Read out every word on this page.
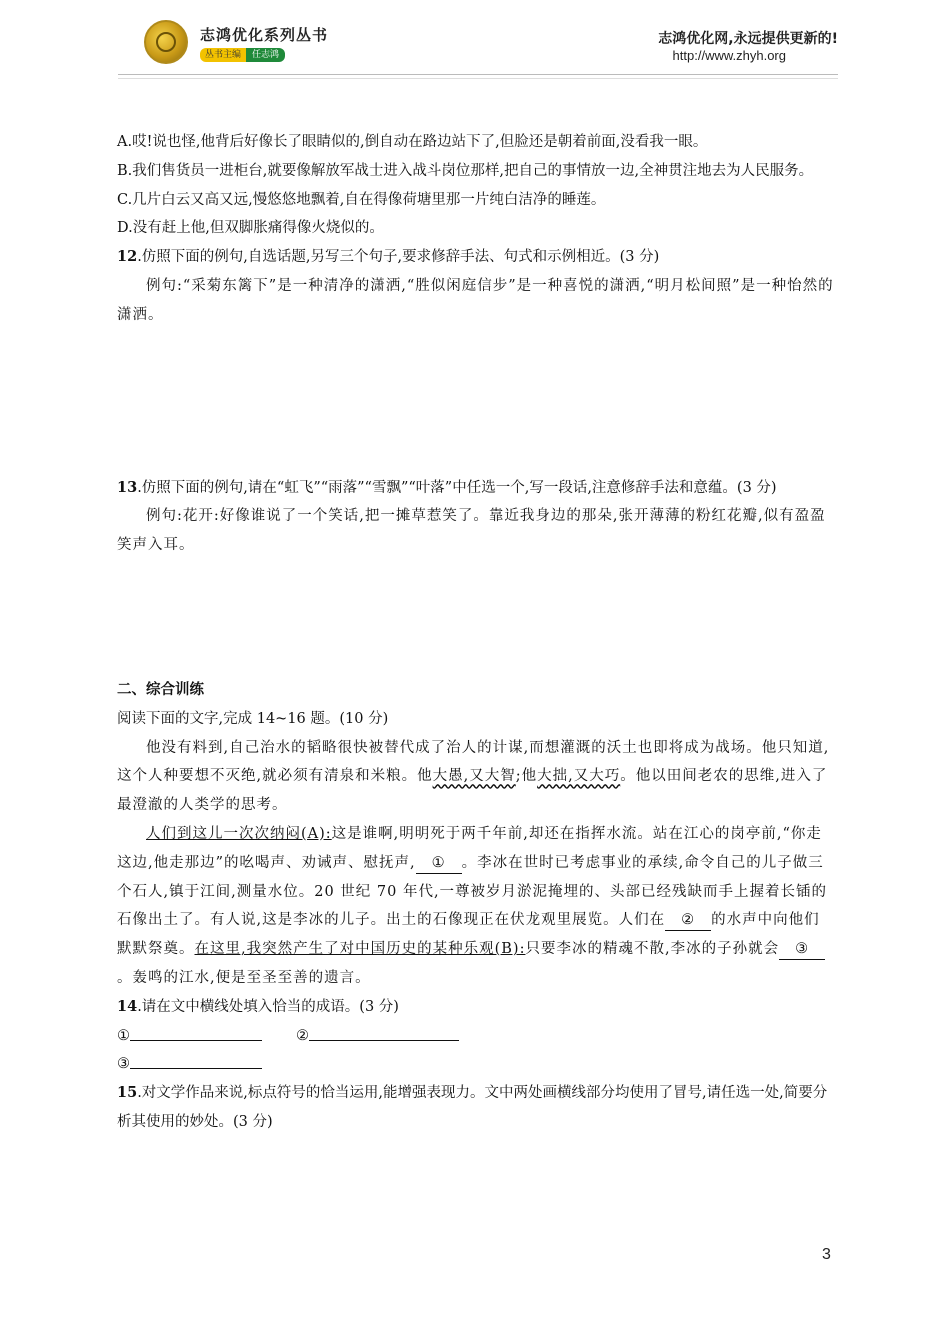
志鸿优化系列丛书
丛书主编	任志鸿
志鸿优化网,永远提供更新的!
http://www.zhyh.org

A.哎!说也怪,他背后好像长了眼睛似的,倒自动在路边站下了,但脸还是朝着前面,没看我一眼。

B.我们售货员一进柜台,就要像解放军战士进入战斗岗位那样,把自己的事情放一边,全神贯注地去为人民服务。

C.几片白云又高又远,慢悠悠地飘着,自在得像荷塘里那一片纯白洁净的睡莲。

D.没有赶上他,但双脚胀痛得像火烧似的。

12.仿照下面的例句,自选话题,另写三个句子,要求修辞手法、句式和示例相近。(3 分)

例句:“采菊东篱下”是一种清净的潇洒,“胜似闲庭信步”是一种喜悦的潇洒,“明月松间照”是一种怡然的潇洒。

13.仿照下面的例句,请在“虹飞”“雨落”“雪飘”“叶落”中任选一个,写一段话,注意修辞手法和意蕴。(3 分)

例句:花开:好像谁说了一个笑话,把一摊草惹笑了。靠近我身边的那朵,张开薄薄的粉红花瓣,似有盈盈笑声入耳。

二、综合训练

阅读下面的文字,完成 14~16 题。(10 分)

他没有料到,自己治水的韬略很快被替代成了治人的计谋,而想灌溉的沃土也即将成为战场。他只知道,这个人种要想不灭绝,就必须有清泉和米粮。他大愚,又大智;他大拙,又大巧。他以田间老农的思维,进入了最澄澈的人类学的思考。

人们到这儿一次次纳闷(A):这是谁啊,明明死于两千年前,却还在指挥水流。站在江心的岗亭前,“你走这边,他走那边”的吆喝声、劝诫声、慰抚声, ① 。李冰在世时已考虑事业的承续,命令自己的儿子做三个石人,镇于江间,测量水位。20 世纪 70 年代,一尊被岁月淤泥掩埋的、头部已经残缺而手上握着长锸的石像出土了。有人说,这是李冰的儿子。出土的石像现正在伏龙观里展览。人们在 ② 的水声中向他们默默祭奠。在这里,我突然产生了对中国历史的某种乐观(B):只要李冰的精魂不散,李冰的子孙就会 ③。轰鸣的江水,便是至圣至善的遗言。

14.请在文中横线处填入恰当的成语。(3 分)

①	②
③

15.对文学作品来说,标点符号的恰当运用,能增强表现力。文中两处画横线部分均使用了冒号,请任选一处,简要分析其使用的妙处。(3 分)

3
